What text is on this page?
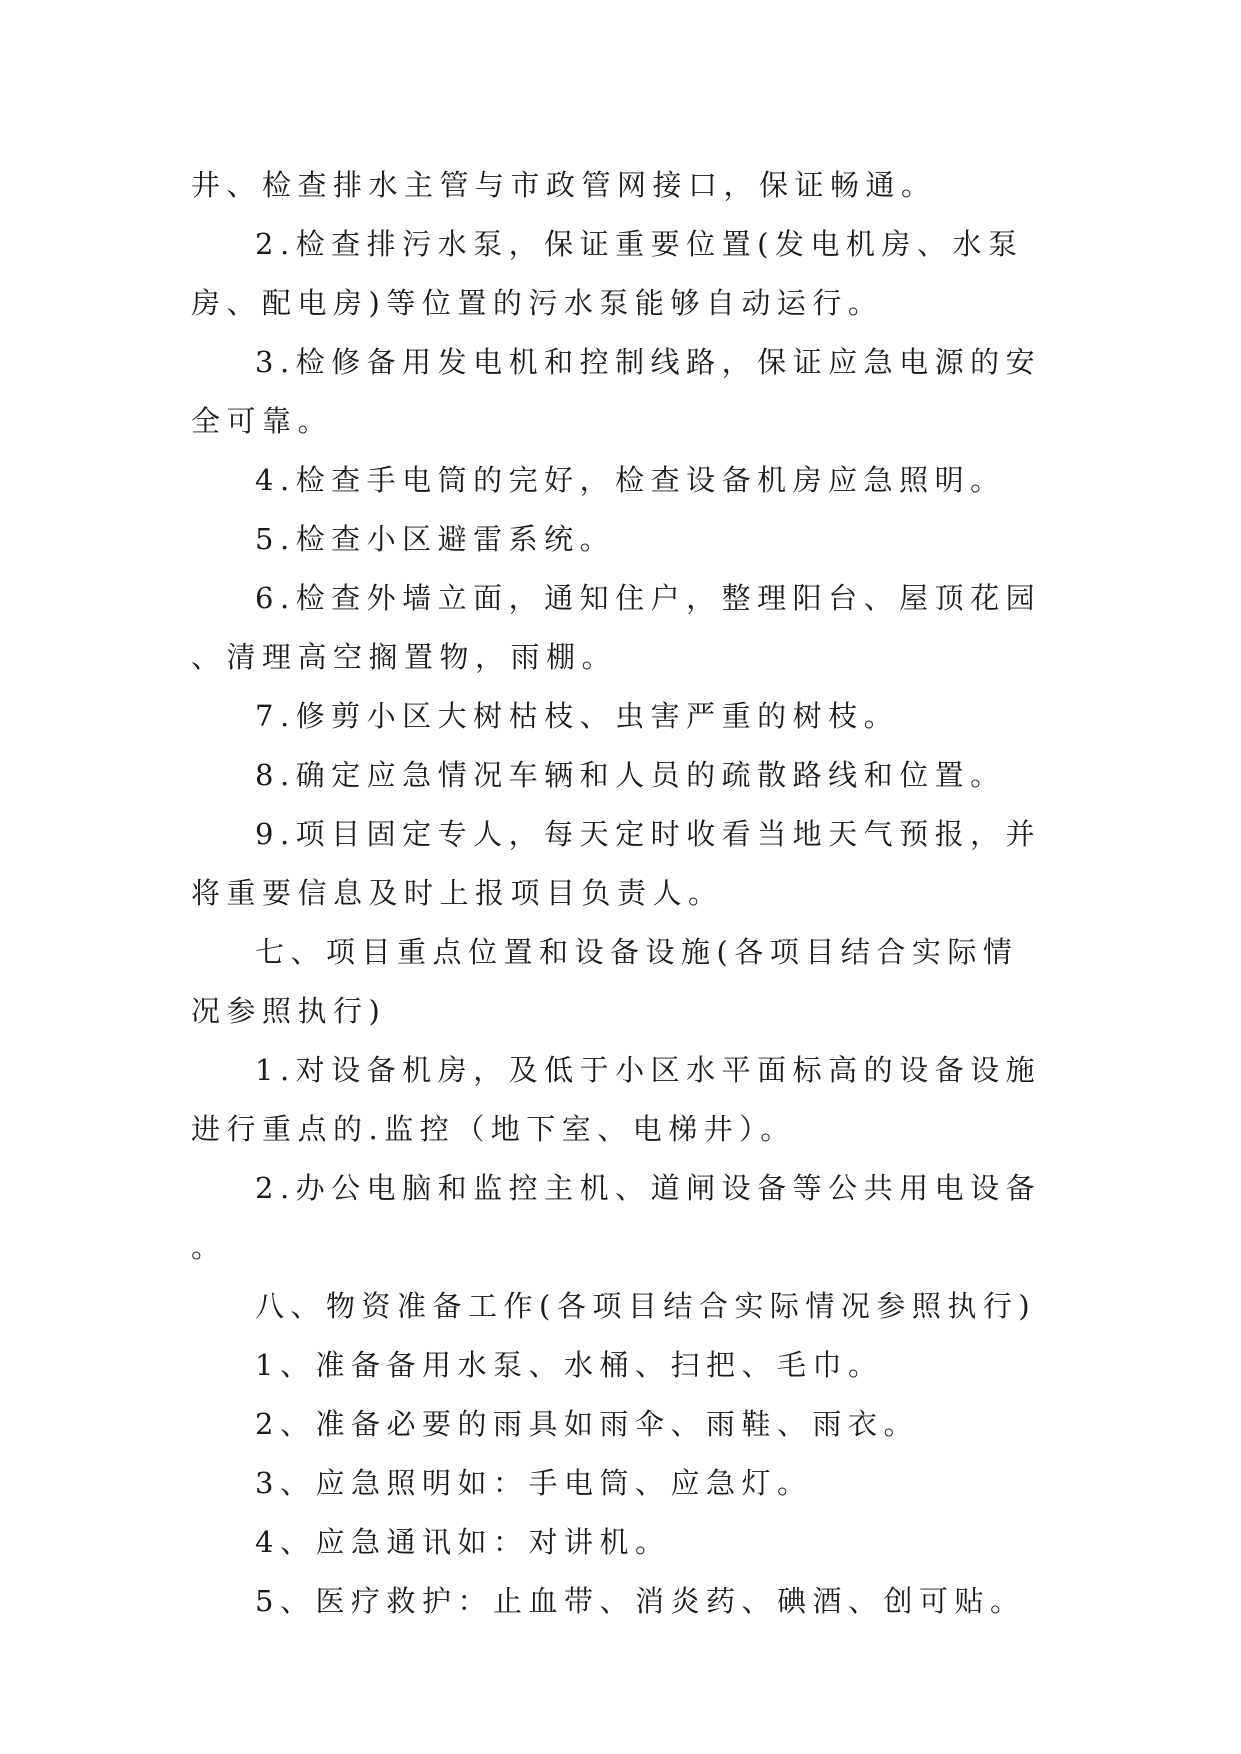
井、检查排水主管与市政管网接口，保证畅通。

2.检查排污水泵，保证重要位置(发电机房、水泵房、配电房)等位置的污水泵能够自动运行。

3.检修备用发电机和控制线路，保证应急电源的安全可靠。

4.检查手电筒的完好，检查设备机房应急照明。

5.检查小区避雷系统。

6.检查外墙立面，通知住户，整理阳台、屋顶花园、清理高空搁置物，雨棚。

7.修剪小区大树枯枝、虫害严重的树枝。

8.确定应急情况车辆和人员的疏散路线和位置。

9.项目固定专人，每天定时收看当地天气预报，并将重要信息及时上报项目负责人。

七、项目重点位置和设备设施(各项目结合实际情况参照执行)

1.对设备机房，及低于小区水平面标高的设备设施进行重点的.监控（地下室、电梯井）。

2.办公电脑和监控主机、道闸设备等公共用电设备。

八、物资准备工作(各项目结合实际情况参照执行)

1、准备备用水泵、水桶、扫把、毛巾。

2、准备必要的雨具如雨伞、雨鞋、雨衣。

3、应急照明如：手电筒、应急灯。

4、应急通讯如：对讲机。

5、医疗救护：止血带、消炎药、碘酒、创可贴。
